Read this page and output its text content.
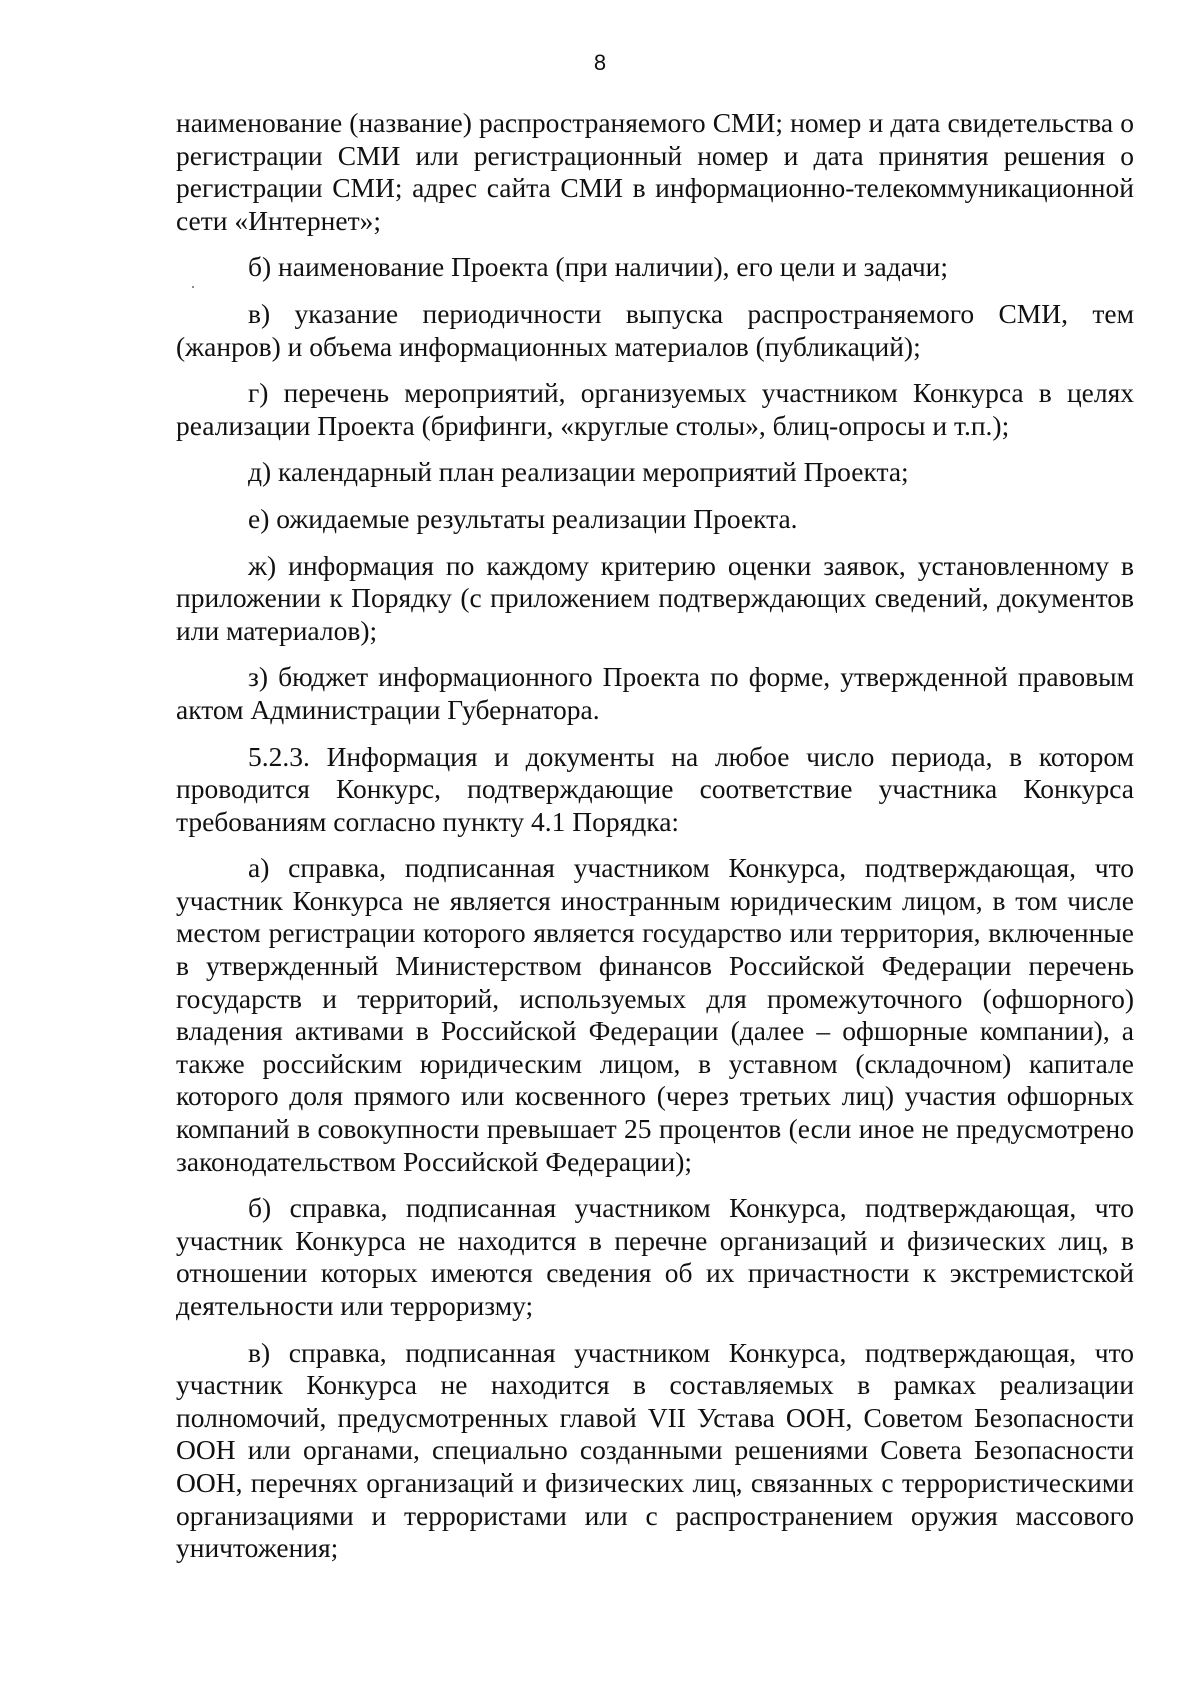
8

наименование (название) распространяемого СМИ; номер и дата свидетельства о регистрации СМИ или регистрационный номер и дата принятия решения о регистрации СМИ; адрес сайта СМИ в информационно-телекоммуникационной сети «Интернет»;

б) наименование Проекта (при наличии), его цели и задачи;

в) указание периодичности выпуска распространяемого СМИ, тем (жанров) и объема информационных материалов (публикаций);

г) перечень мероприятий, организуемых участником Конкурса в целях реализации Проекта (брифинги, «круглые столы», блиц-опросы и т.п.);

д) календарный план реализации мероприятий Проекта;

е) ожидаемые результаты реализации Проекта.

ж) информация по каждому критерию оценки заявок, установленному в приложении к Порядку (с приложением подтверждающих сведений, документов или материалов);

з) бюджет информационного Проекта по форме, утвержденной правовым актом Администрации Губернатора.

5.2.3. Информация и документы на любое число периода, в котором проводится Конкурс, подтверждающие соответствие участника Конкурса требованиям согласно пункту 4.1 Порядка:

а) справка, подписанная участником Конкурса, подтверждающая, что участник Конкурса не является иностранным юридическим лицом, в том числе местом регистрации которого является государство или территория, включенные в утвержденный Министерством финансов Российской Федерации перечень государств и территорий, используемых для промежуточного (офшорного) владения активами в Российской Федерации (далее – офшорные компании), а также российским юридическим лицом, в уставном (складочном) капитале которого доля прямого или косвенного (через третьих лиц) участия офшорных компаний в совокупности превышает 25 процентов (если иное не предусмотрено законодательством Российской Федерации);

б) справка, подписанная участником Конкурса, подтверждающая, что участник Конкурса не находится в перечне организаций и физических лиц, в отношении которых имеются сведения об их причастности к экстремистской деятельности или терроризму;

в) справка, подписанная участником Конкурса, подтверждающая, что участник Конкурса не находится в составляемых в рамках реализации полномочий, предусмотренных главой VII Устава ООН, Советом Безопасности ООН или органами, специально созданными решениями Совета Безопасности ООН, перечнях организаций и физических лиц, связанных с террористическими организациями и террористами или с распространением оружия массового уничтожения;
